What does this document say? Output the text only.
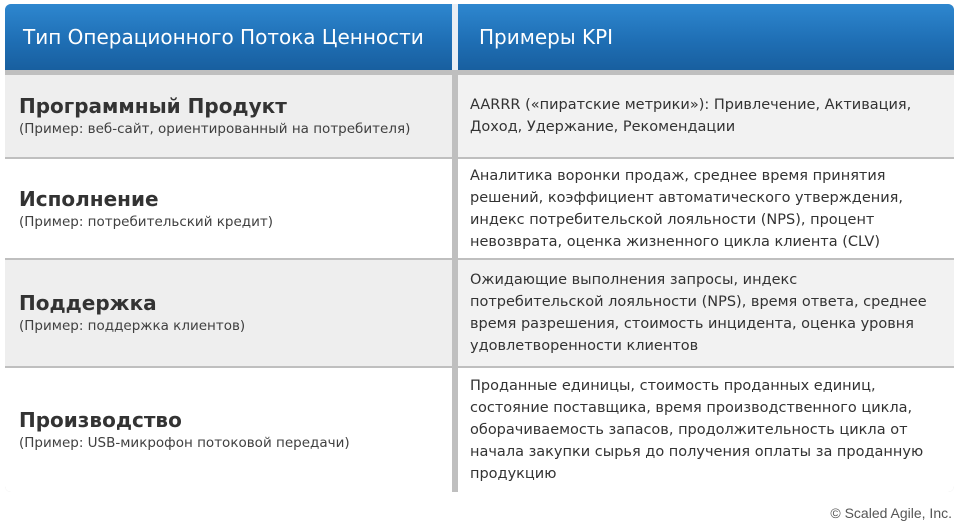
Тип Операционного Потока Ценности	Примеры KPI
Программный Продукт
(Пример: веб-сайт, ориентированный на потребителя)
AARRR («пиратские метрики»): Привлечение, Активация,
Доход, Удержание, Рекомендации
Исполнение
(Пример: потребительский кредит)
Аналитика воронки продаж, среднее время принятия
решений, коэффициент автоматического утверждения,
индекс потребительской лояльности (NPS), процент
невозврата, оценка жизненного цикла клиента (CLV)
Поддержка
(Пример: поддержка клиентов)
Ожидающие выполнения запросы, индекс
потребительской лояльности (NPS), время ответа, среднее
время разрешения, стоимость инцидента, оценка уровня
удовлетворенности клиентов
Производство
(Пример: USB-микрофон потоковой передачи)
Проданные единицы, стоимость проданных единиц,
состояние поставщика, время производственного цикла,
оборачиваемость запасов, продолжительность цикла от
начала закупки сырья до получения оплаты за проданную
продукцию
© Scaled Agile, Inc.
